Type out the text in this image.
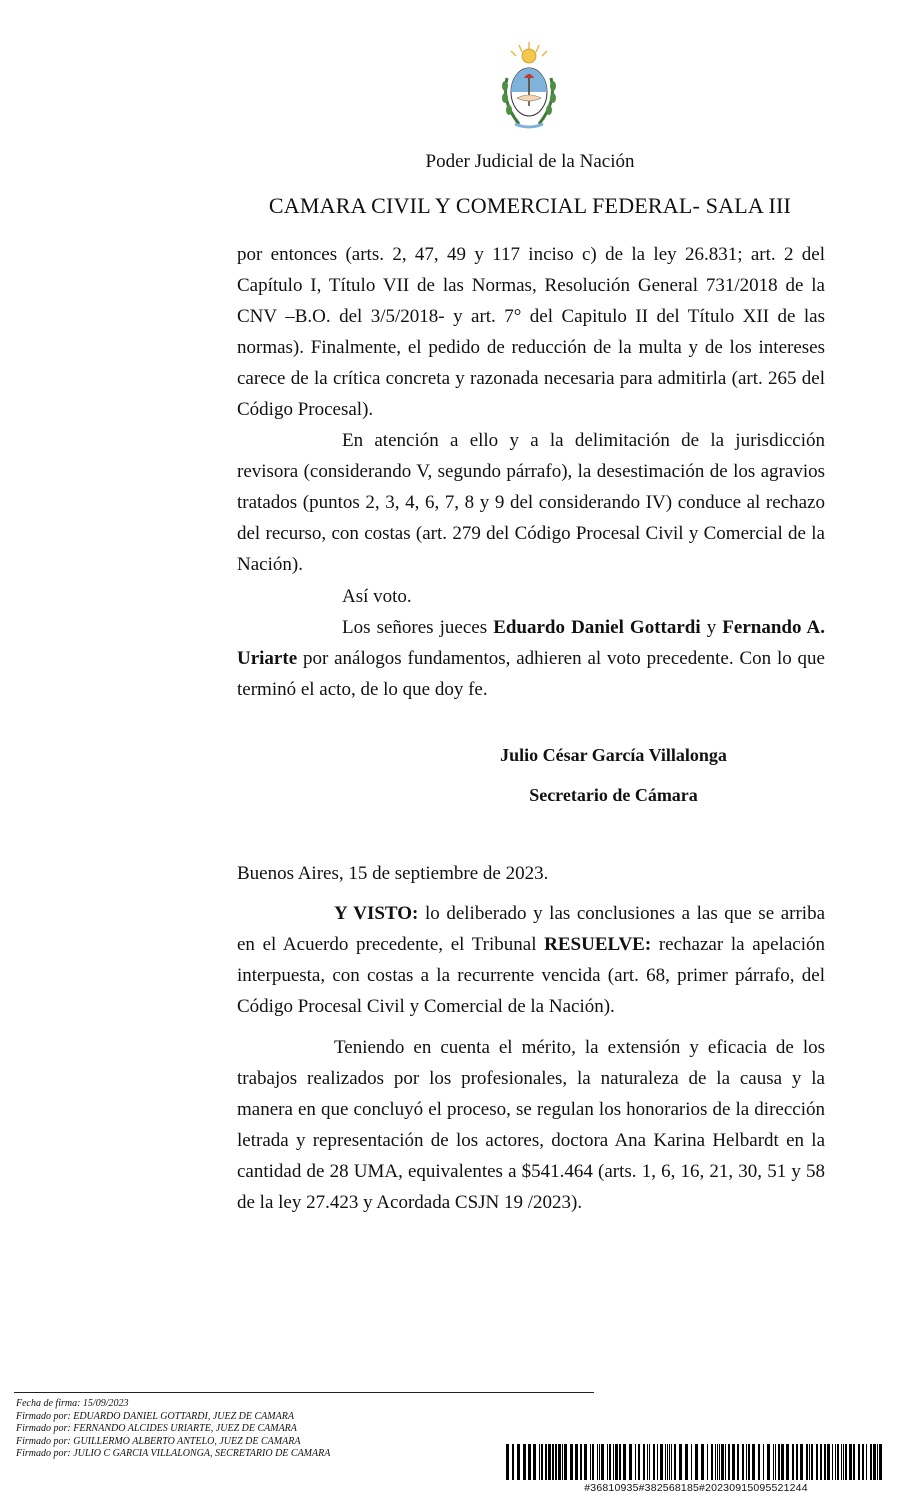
Poder Judicial de la Nación
CAMARA CIVIL Y COMERCIAL FEDERAL- SALA III

por entonces (arts. 2, 47, 49 y 117 inciso c) de la ley 26.831; art. 2 del Capítulo I, Título VII de las Normas, Resolución General 731/2018 de la CNV –B.O. del 3/5/2018- y art. 7° del Capitulo II del Título XII de las normas). Finalmente, el pedido de reducción de la multa y de los intereses carece de la crítica concreta y razonada necesaria para admitirla (art. 265 del Código Procesal).

En atención a ello y a la delimitación de la jurisdicción revisora (considerando V, segundo párrafo), la desestimación de los agravios tratados (puntos 2, 3, 4, 6, 7, 8 y 9 del considerando IV) conduce al rechazo del recurso, con costas (art. 279 del Código Procesal Civil y Comercial de la Nación).

Así voto.

Los señores jueces Eduardo Daniel Gottardi y Fernando A. Uriarte por análogos fundamentos, adhieren al voto precedente. Con lo que terminó el acto, de lo que doy fe.

Julio César García Villalonga
Secretario de Cámara

Buenos Aires, 15 de septiembre de 2023.

Y VISTO: lo deliberado y las conclusiones a las que se arriba en el Acuerdo precedente, el Tribunal RESUELVE: rechazar la apelación interpuesta, con costas a la recurrente vencida (art. 68, primer párrafo, del Código Procesal Civil y Comercial de la Nación).

Teniendo en cuenta el mérito, la extensión y eficacia de los trabajos realizados por los profesionales, la naturaleza de la causa y la manera en que concluyó el proceso, se regulan los honorarios de la dirección letrada y representación de los actores, doctora Ana Karina Helbardt en la cantidad de 28 UMA, equivalentes a $541.464 (arts. 1, 6, 16, 21, 30, 51 y 58 de la ley 27.423 y Acordada CSJN 19 /2023).

Fecha de firma: 15/09/2023
Firmado por: EDUARDO DANIEL GOTTARDI, JUEZ DE CAMARA
Firmado por: FERNANDO ALCIDES URIARTE, JUEZ DE CAMARA
Firmado por: GUILLERMO ALBERTO ANTELO, JUEZ DE CAMARA
Firmado por: JULIO C GARCIA VILLALONGA, SECRETARIO DE CAMARA
#36810935#382568185#20230915095521244
